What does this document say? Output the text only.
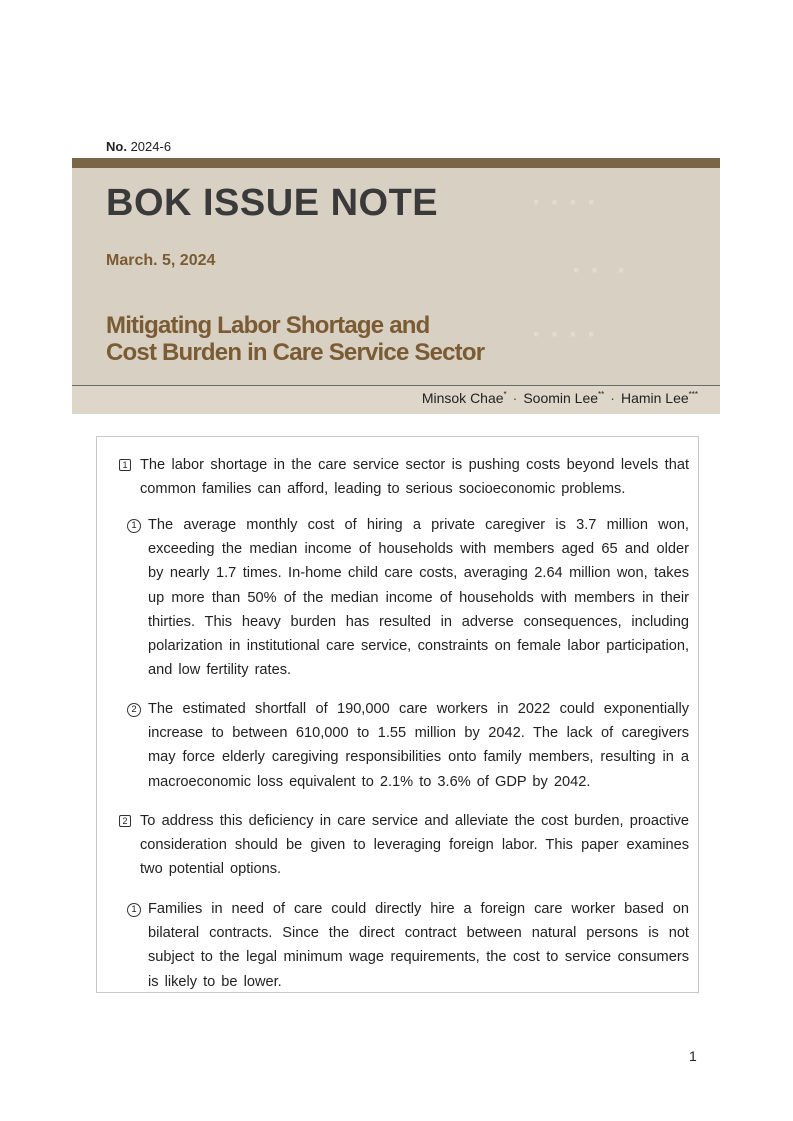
No. 2024-6
· · · ·
· ·  ·
· · · ·
BOK ISSUE NOTE
March. 5, 2024
Mitigating Labor Shortage and
Cost Burden in Care Service Sector
Minsok Chae* · Soomin Lee** · Hamin Lee***
1 The labor shortage in the care service sector is pushing costs beyond levels that common families can afford, leading to serious socioeconomic problems.
1 The average monthly cost of hiring a private caregiver is 3.7 million won, exceeding the median income of households with members aged 65 and older by nearly 1.7 times. In-home child care costs, averaging 2.64 million won, takes up more than 50% of the median income of households with members in their thirties. This heavy burden has resulted in adverse consequences, including polarization in institutional care service, constraints on female labor participation, and low fertility rates.
2 The estimated shortfall of 190,000 care workers in 2022 could exponentially increase to between 610,000 to 1.55 million by 2042. The lack of caregivers may force elderly caregiving responsibilities onto family members, resulting in a macroeconomic loss equivalent to 2.1% to 3.6% of GDP by 2042.
2 To address this deficiency in care service and alleviate the cost burden, proactive consideration should be given to leveraging foreign labor. This paper examines two potential options.
1 Families in need of care could directly hire a foreign care worker based on bilateral contracts. Since the direct contract between natural persons is not subject to the legal minimum wage requirements, the cost to service consumers is likely to be lower.
1
